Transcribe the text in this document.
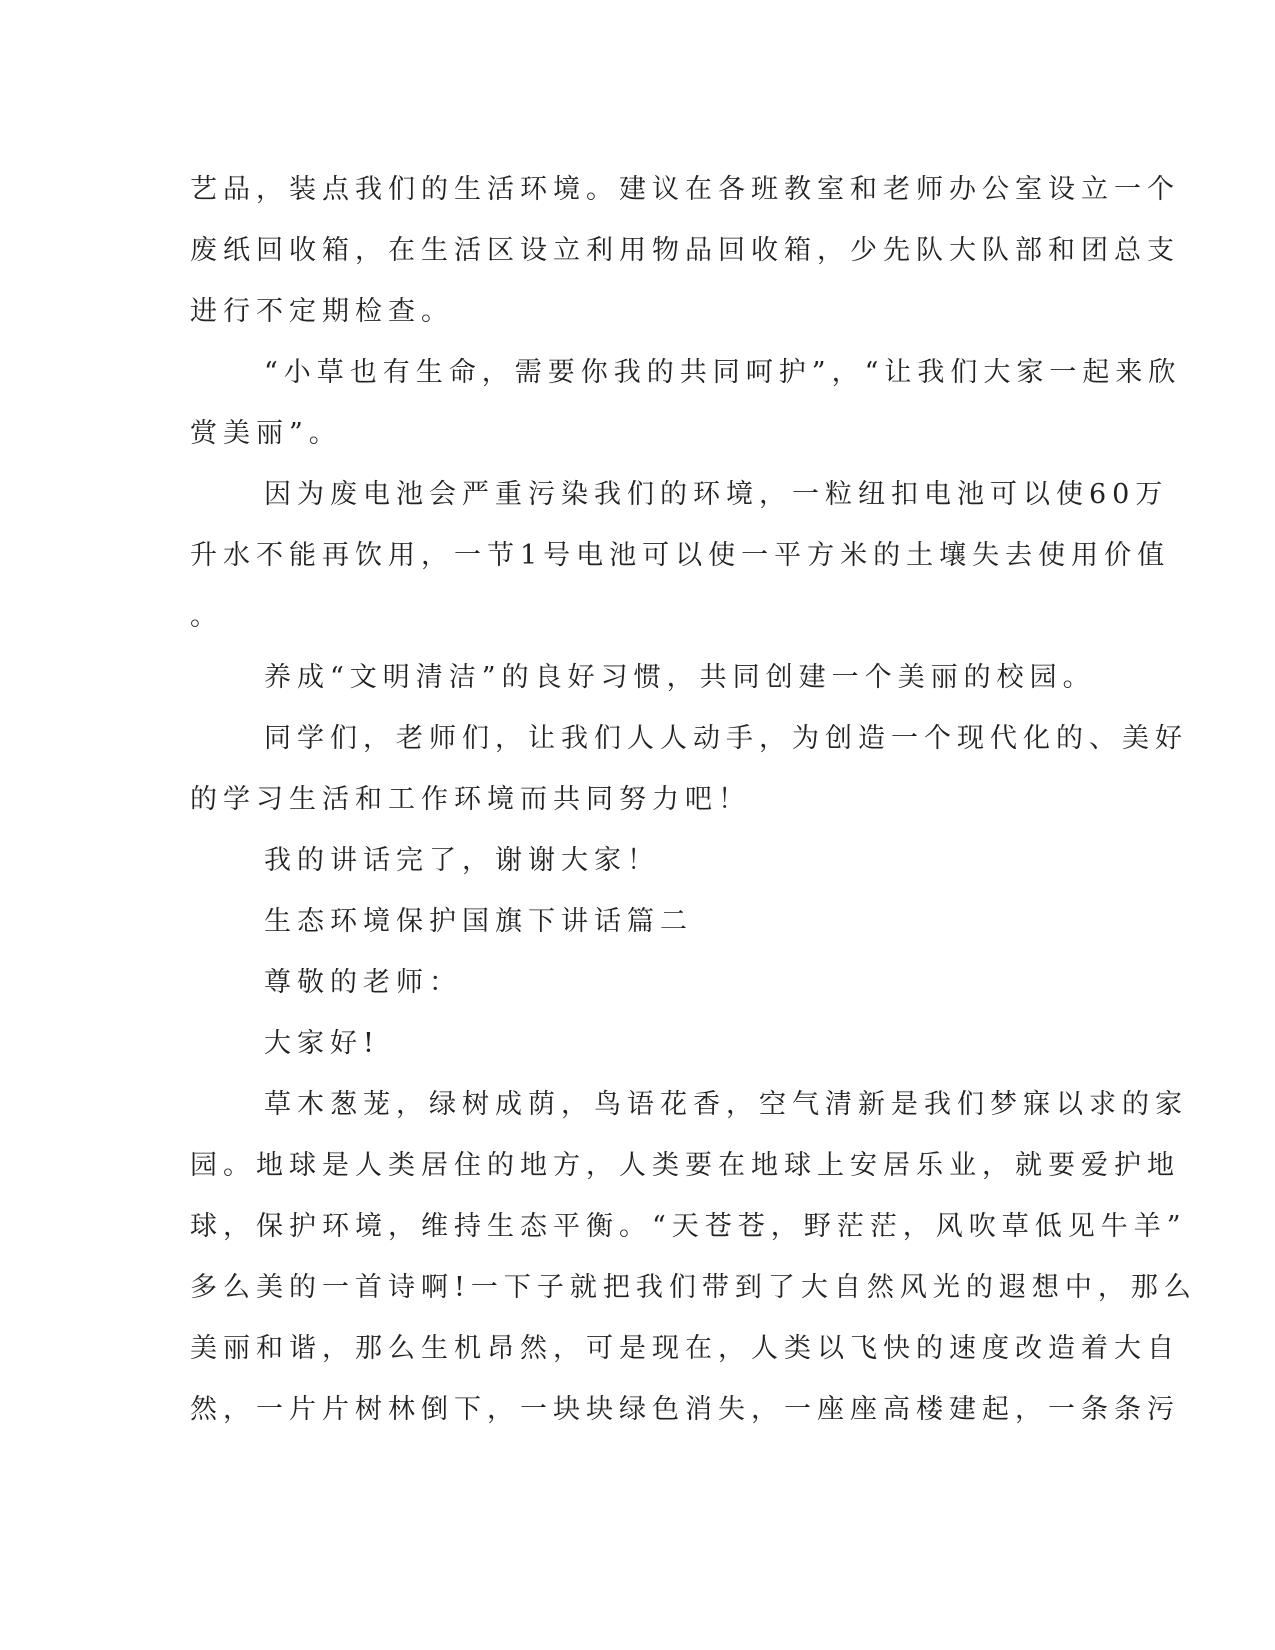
艺品，装点我们的生活环境。建议在各班教室和老师办公室设立一个

废纸回收箱，在生活区设立利用物品回收箱，少先队大队部和团总支

进行不定期检查。

“小草也有生命，需要你我的共同呵护”，“让我们大家一起来欣

赏美丽”。

因为废电池会严重污染我们的环境，一粒纽扣电池可以使60万

升水不能再饮用，一节1号电池可以使一平方米的土壤失去使用价值

。

养成“文明清洁”的良好习惯，共同创建一个美丽的校园。

同学们，老师们，让我们人人动手，为创造一个现代化的、美好

的学习生活和工作环境而共同努力吧！

我的讲话完了，谢谢大家！

生态环境保护国旗下讲话篇二

尊敬的老师：

大家好!

草木葱茏，绿树成荫，鸟语花香，空气清新是我们梦寐以求的家

园。地球是人类居住的地方，人类要在地球上安居乐业，就要爱护地

球，保护环境，维持生态平衡。“天苍苍，野茫茫，风吹草低见牛羊”

多么美的一首诗啊!一下子就把我们带到了大自然风光的遐想中，那么

美丽和谐，那么生机昂然，可是现在，人类以飞快的速度改造着大自

然，一片片树林倒下，一块块绿色消失，一座座高楼建起，一条条污
